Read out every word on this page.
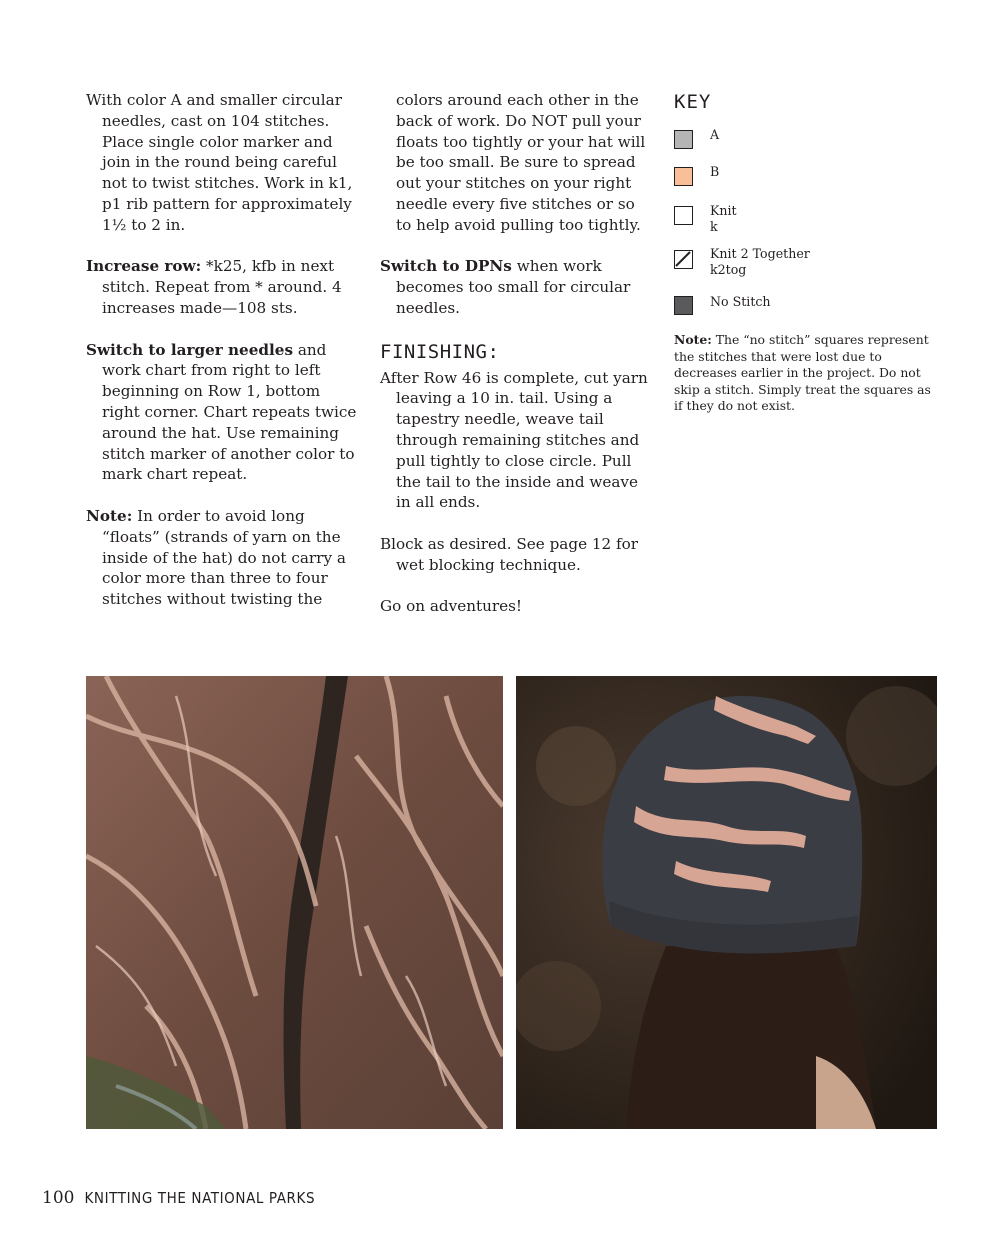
With color A and smaller circular needles, cast on 104 stitches. Place single color marker and join in the round being careful not to twist stitches. Work in k1, p1 rib pattern for approximately 1½ to 2 in.

Increase row: *k25, kfb in next stitch. Repeat from * around. 4 increases made—108 sts.

Switch to larger needles and work chart from right to left beginning on Row 1, bottom right corner. Chart repeats twice around the hat. Use remaining stitch marker of another color to mark chart repeat.

Note: In order to avoid long “floats” (strands of yarn on the inside of the hat) do not carry a color more than three to four stitches without twisting the

colors around each other in the back of work. Do NOT pull your floats too tightly or your hat will be too small. Be sure to spread out your stitches on your right needle every five stitches or so to help avoid pulling too tightly.

Switch to DPNs when work becomes too small for circular needles.

FINISHING:

After Row 46 is complete, cut yarn leaving a 10 in. tail. Using a tapestry needle, weave tail through remaining stitches and pull tightly to close circle. Pull the tail to the inside and weave in all ends.

Block as desired. See page 12 for wet blocking technique.

Go on adventures!

KEY
A
B
Knit
k
Knit 2 Together
k2tog
No Stitch
Note: The “no stitch” squares represent the stitches that were lost due to decreases earlier in the project. Do not skip a stitch. Simply treat the squares as if they do not exist.
100 KNITTING THE NATIONAL PARKS
